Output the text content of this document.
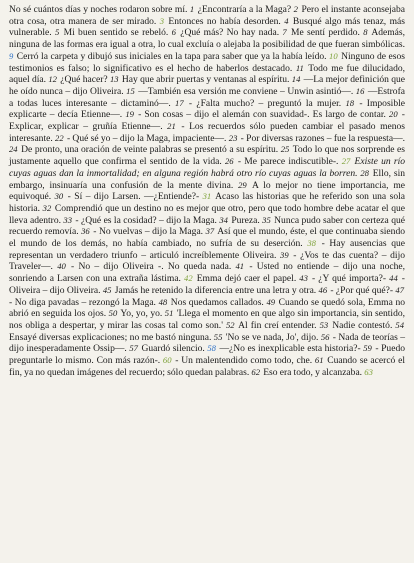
No sé cuántos días y noches rodaron sobre mí. 1 ¿Encontraría a la Maga? 2 Pero el instante aconsejaba otra cosa, otra manera de ser mirado. 3 Entonces no había desorden. 4 Busqué algo más tenaz, más vulnerable. 5 Mi buen sentido se rebeló. 6 ¿Qué más? No hay nada. 7 Me sentí perdido. 8 Además, ninguna de las formas era igual a otra, lo cual excluía o alejaba la posibilidad de que fueran simbólicas. 9 Cerró la carpeta y dibujó sus iniciales en la tapa para saber que ya la había leído. 10 Ninguno de esos testimonios es falso; lo significativo es el hecho de haberlos destacado. 11 Todo me fue dilucidado, aquel día. 12 ¿Qué hacer? 13 Hay que abrir puertas y ventanas al espíritu. 14 —La mejor definición que he oído nunca – dijo Oliveira. 15 —También esa versión me conviene – Unwin asintió—. 16 —Estrofa a todas luces interesante – dictaminó—. 17 - ¿Falta mucho? – preguntó la mujer. 18 - Imposible explicarte – decía Etienne—. 19 - Son cosas – dijo el alemán con suavidad-. Es largo de contar. 20 - Explicar, explicar – gruñía Etienne—. 21 - Los recuerdos sólo pueden cambiar el pasado menos interesante. 22 - Qué sé yo – dijo la Maga, impaciente—. 23 - Por diversas razones – fue la respuesta—. 24 De pronto, una oración de veinte palabras se presentó a su espíritu. 25 Todo lo que nos sorprende es justamente aquello que confirma el sentido de la vida. 26 - Me parece indiscutible-. 27 Existe un río cuyas aguas dan la inmortalidad; en alguna región habrá otro río cuyas aguas la borren. 28 Ello, sin embargo, insinuaría una confusión de la mente divina. 29 A lo mejor no tiene importancia, me equivoqué. 30 - Sí – dijo Larsen. —¿Entiende?- 31 Acaso las historias que he referido son una sola historia. 32 Comprendió que un destino no es mejor que otro, pero que todo hombre debe acatar el que lleva adentro. 33 - ¿Qué es la cosidad? – dijo la Maga. 34 Pureza. 35 Nunca pudo saber con certeza qué recuerdo removía. 36 - No vuelvas – dijo la Maga. 37 Así que el mundo, éste, el que continuaba siendo el mundo de los demás, no había cambiado, no sufría de su deserción. 38 - Hay ausencias que representan un verdadero triunfo – articuló increíblemente Oliveira. 39 - ¿Vos te das cuenta? – dijo Traveler—. 40 - No – dijo Oliveira -. No queda nada. 41 - Usted no entiende – dijo una noche, sonriendo a Larsen con una extraña lástima. 42 Emma dejó caer el papel. 43 - ¿Y qué importa?- 44 - Oliveira – dijo Oliveira. 45 Jamás he retenido la diferencia entre una letra y otra. 46 - ¿Por qué qué?- 47 - No diga pavadas – rezongó la Maga. 48 Nos quedamos callados. 49 Cuando se quedó sola, Emma no abrió en seguida los ojos. 50 Yo, yo, yo. 51 'Llega el momento en que algo sin importancia, sin sentido, nos obliga a despertar, y mirar las cosas tal como son.' 52 Al fin creí entender. 53 Nadie contestó. 54 Ensayé diversas explicaciones; no me bastó ninguna. 55 'No se ve nada, Jo', dijo. 56 - Nada de teorías – dijo inesperadamente Ossip—. 57 Guardó silencio. 58 —¿No es inexplicable esta historia?- 59 - Puedo preguntarle lo mismo. Con más razón-. 60 - Un malentendido como todo, che. 61 Cuando se acercó el fin, ya no quedan imágenes del recuerdo; sólo quedan palabras. 62 Eso era todo, y alcanzaba. 63
